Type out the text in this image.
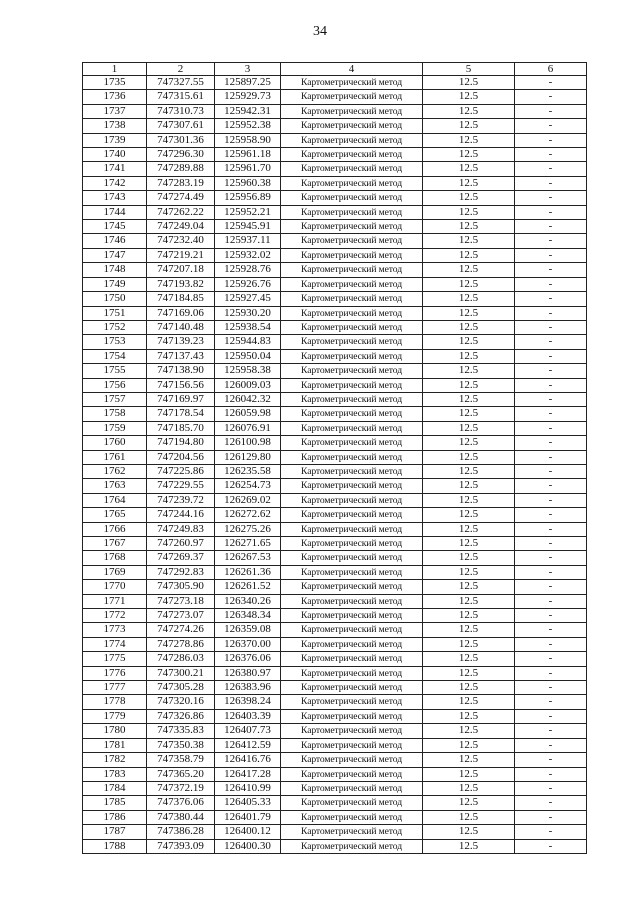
34
1	2	3	4	5	6
1735	747327.55	125897.25	Картометрический метод	12.5	-
1736	747315.61	125929.73	Картометрический метод	12.5	-
1737	747310.73	125942.31	Картометрический метод	12.5	-
1738	747307.61	125952.38	Картометрический метод	12.5	-
1739	747301.36	125958.90	Картометрический метод	12.5	-
1740	747296.30	125961.18	Картометрический метод	12.5	-
1741	747289.88	125961.70	Картометрический метод	12.5	-
1742	747283.19	125960.38	Картометрический метод	12.5	-
1743	747274.49	125956.89	Картометрический метод	12.5	-
1744	747262.22	125952.21	Картометрический метод	12.5	-
1745	747249.04	125945.91	Картометрический метод	12.5	-
1746	747232.40	125937.11	Картометрический метод	12.5	-
1747	747219.21	125932.02	Картометрический метод	12.5	-
1748	747207.18	125928.76	Картометрический метод	12.5	-
1749	747193.82	125926.76	Картометрический метод	12.5	-
1750	747184.85	125927.45	Картометрический метод	12.5	-
1751	747169.06	125930.20	Картометрический метод	12.5	-
1752	747140.48	125938.54	Картометрический метод	12.5	-
1753	747139.23	125944.83	Картометрический метод	12.5	-
1754	747137.43	125950.04	Картометрический метод	12.5	-
1755	747138.90	125958.38	Картометрический метод	12.5	-
1756	747156.56	126009.03	Картометрический метод	12.5	-
1757	747169.97	126042.32	Картометрический метод	12.5	-
1758	747178.54	126059.98	Картометрический метод	12.5	-
1759	747185.70	126076.91	Картометрический метод	12.5	-
1760	747194.80	126100.98	Картометрический метод	12.5	-
1761	747204.56	126129.80	Картометрический метод	12.5	-
1762	747225.86	126235.58	Картометрический метод	12.5	-
1763	747229.55	126254.73	Картометрический метод	12.5	-
1764	747239.72	126269.02	Картометрический метод	12.5	-
1765	747244.16	126272.62	Картометрический метод	12.5	-
1766	747249.83	126275.26	Картометрический метод	12.5	-
1767	747260.97	126271.65	Картометрический метод	12.5	-
1768	747269.37	126267.53	Картометрический метод	12.5	-
1769	747292.83	126261.36	Картометрический метод	12.5	-
1770	747305.90	126261.52	Картометрический метод	12.5	-
1771	747273.18	126340.26	Картометрический метод	12.5	-
1772	747273.07	126348.34	Картометрический метод	12.5	-
1773	747274.26	126359.08	Картометрический метод	12.5	-
1774	747278.86	126370.00	Картометрический метод	12.5	-
1775	747286.03	126376.06	Картометрический метод	12.5	-
1776	747300.21	126380.97	Картометрический метод	12.5	-
1777	747305.28	126383.96	Картометрический метод	12.5	-
1778	747320.16	126398.24	Картометрический метод	12.5	-
1779	747326.86	126403.39	Картометрический метод	12.5	-
1780	747335.83	126407.73	Картометрический метод	12.5	-
1781	747350.38	126412.59	Картометрический метод	12.5	-
1782	747358.79	126416.76	Картометрический метод	12.5	-
1783	747365.20	126417.28	Картометрический метод	12.5	-
1784	747372.19	126410.99	Картометрический метод	12.5	-
1785	747376.06	126405.33	Картометрический метод	12.5	-
1786	747380.44	126401.79	Картометрический метод	12.5	-
1787	747386.28	126400.12	Картометрический метод	12.5	-
1788	747393.09	126400.30	Картометрический метод	12.5	-
